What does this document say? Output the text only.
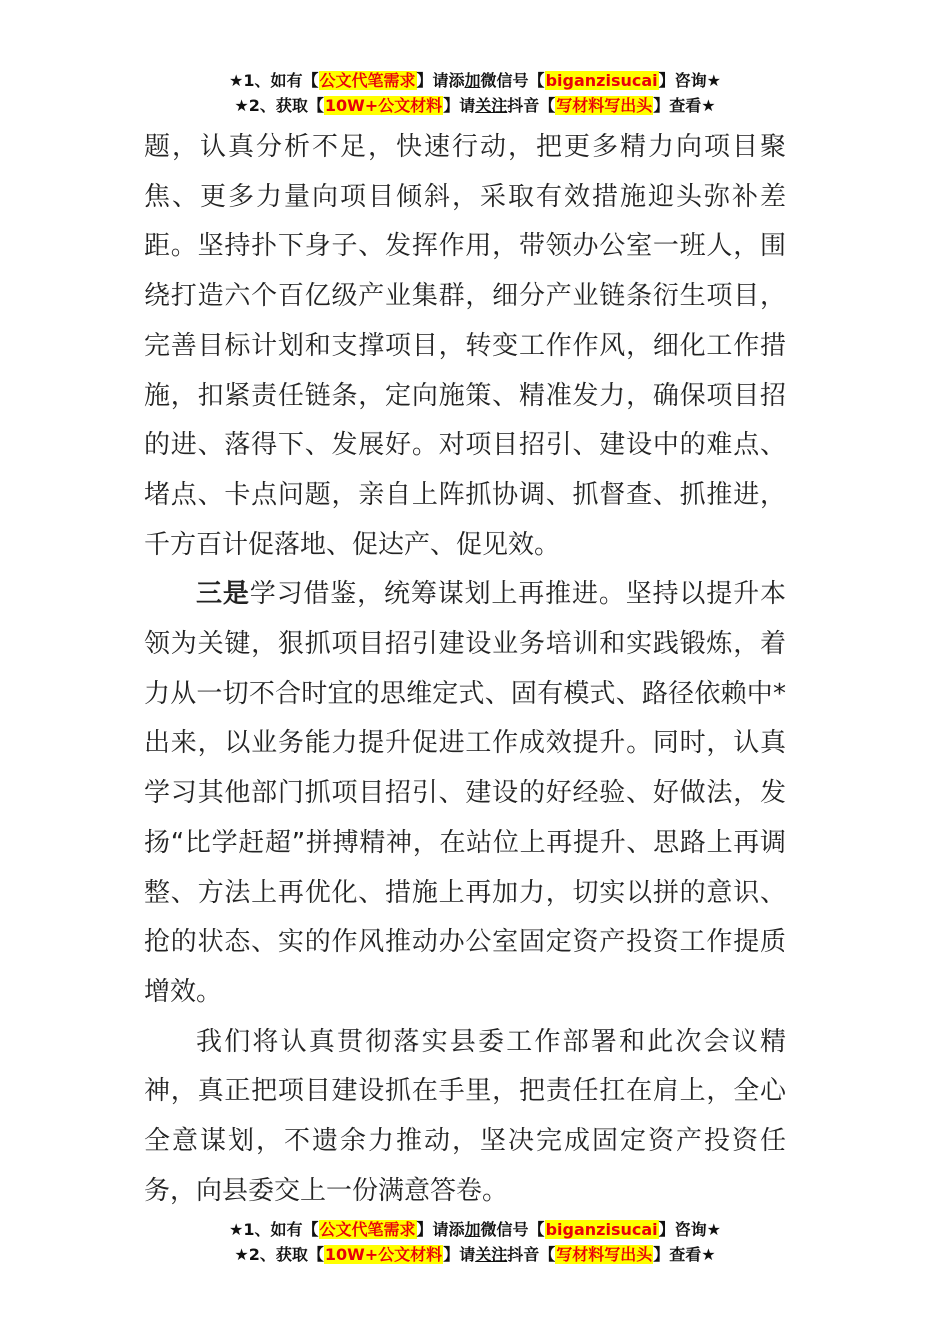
★1、如有【公文代笔需求】请添加微信号【biganzisucai】咨询★
★2、获取【10W+公文材料】请关注抖音【写材料写出头】查看★

题，认真分析不足，快速行动，把更多精力向项目聚焦、更多力量向项目倾斜，采取有效措施迎头弥补差距。坚持扑下身子、发挥作用，带领办公室一班人，围绕打造六个百亿级产业集群，细分产业链条衍生项目，完善目标计划和支撑项目，转变工作作风，细化工作措施，扣紧责任链条，定向施策、精准发力，确保项目招的进、落得下、发展好。对项目招引、建设中的难点、堵点、卡点问题，亲自上阵抓协调、抓督查、抓推进，千方百计促落地、促达产、促见效。

三是学习借鉴，统筹谋划上再推进。坚持以提升本领为关键，狠抓项目招引建设业务培训和实践锻炼，着力从一切不合时宜的思维定式、固有模式、路径依赖中*出来，以业务能力提升促进工作成效提升。同时，认真学习其他部门抓项目招引、建设的好经验、好做法，发扬“比学赶超”拼搏精神，在站位上再提升、思路上再调整、方法上再优化、措施上再加力，切实以拼的意识、抢的状态、实的作风推动办公室固定资产投资工作提质增效。

我们将认真贯彻落实县委工作部署和此次会议精神，真正把项目建设抓在手里，把责任扛在肩上，全心全意谋划，不遗余力推动，坚决完成固定资产投资任务，向县委交上一份满意答卷。

★1、如有【公文代笔需求】请添加微信号【biganzisucai】咨询★
★2、获取【10W+公文材料】请关注抖音【写材料写出头】查看★
